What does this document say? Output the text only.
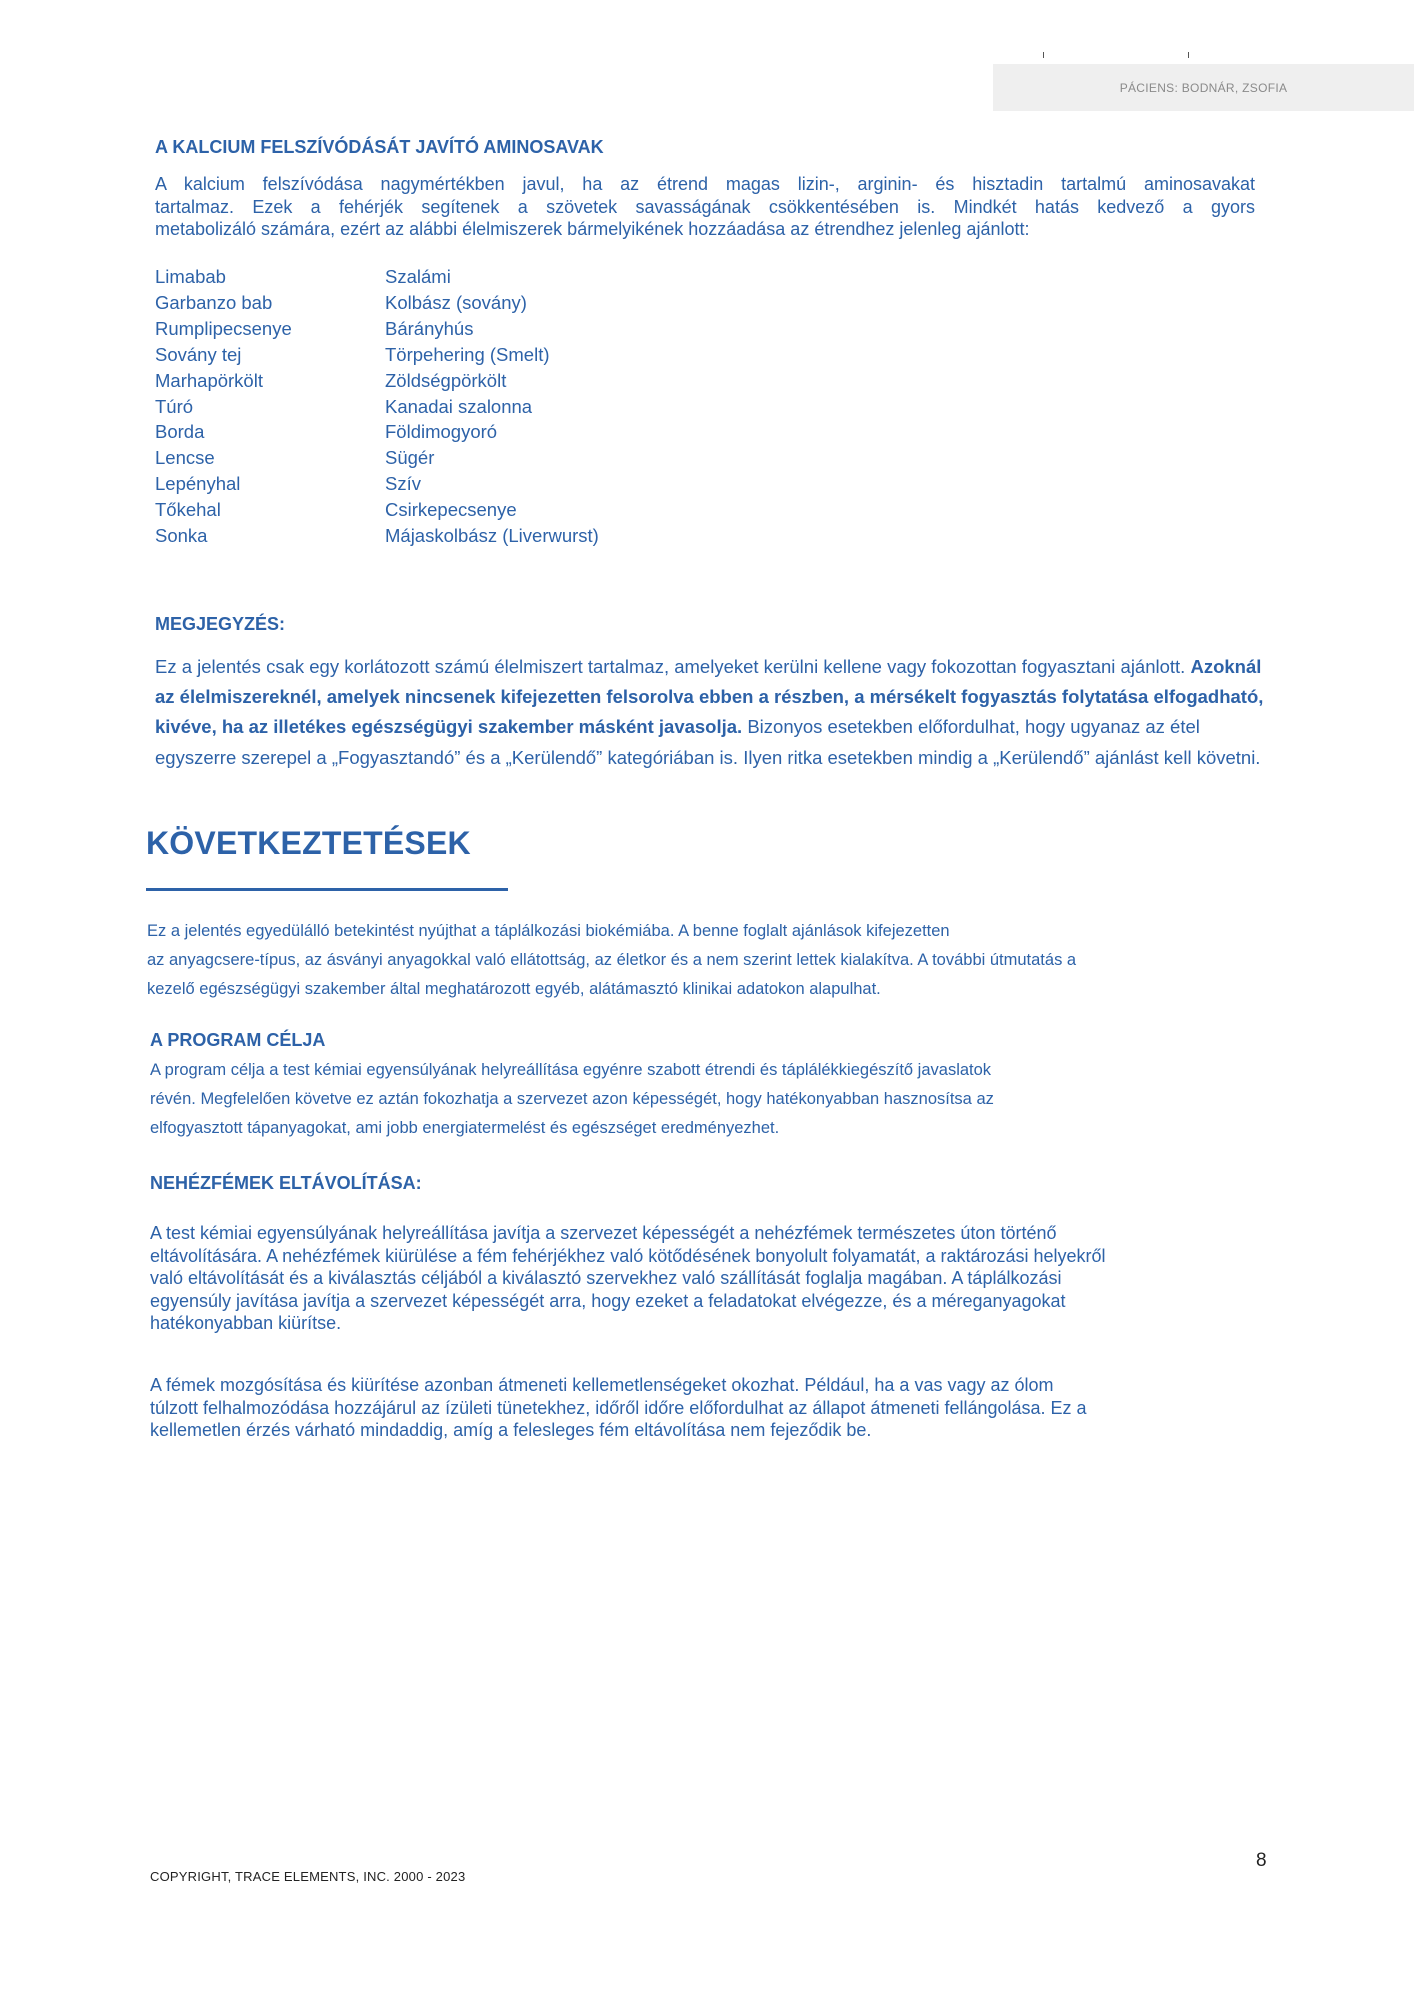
PÁCIENS: BODNÁR, ZSOFIA
A KALCIUM FELSZÍVÓDÁSÁT JAVÍTÓ AMINOSAVAK
A kalcium felszívódása nagymértékben javul, ha az étrend magas lizin-, arginin- és hisztadin tartalmú aminosavakat
tartalmaz. Ezek a fehérjék segítenek a szövetek savasságának csökkentésében is. Mindkét hatás kedvező a gyors
metabolizáló számára, ezért az alábbi élelmiszerek bármelyikének hozzáadása az étrendhez jelenleg ajánlott:
Limabab
Garbanzo bab
Rumplipecsenye
Sovány tej
Marhapörkölt
Túró
Borda
Lencse
Lepényhal
Tőkehal
Sonka
Szalámi
Kolbász (sovány)
Bárányhús
Törpehering (Smelt)
Zöldségpörkölt
Kanadai szalonna
Földimogyoró
Sügér
Szív
Csirkepecsenye
Májaskolbász (Liverwurst)
MEGJEGYZÉS:

Ez a jelentés csak egy korlátozott számú élelmiszert tartalmaz, amelyeket kerülni kellene vagy fokozottan fogyasztani ajánlott. Azoknál az élelmiszereknél, amelyek nincsenek kifejezetten felsorolva ebben a részben, a mérsékelt fogyasztás folytatása elfogadható, kivéve, ha az illetékes egészségügyi szakember másként javasolja. Bizonyos esetekben előfordulhat, hogy ugyanaz az étel egyszerre szerepel a „Fogyasztandó” és a „Kerülendő” kategóriában is. Ilyen ritka esetekben mindig a „Kerülendő” ajánlást kell követni.

KÖVETKEZTETÉSEK
Ez a jelentés egyedülálló betekintést nyújthat a táplálkozási biokémiába. A benne foglalt ajánlások kifejezetten
az anyagcsere-típus, az ásványi anyagokkal való ellátottság, az életkor és a nem szerint lettek kialakítva. A további útmutatás a
kezelő egészségügyi szakember által meghatározott egyéb, alátámasztó klinikai adatokon alapulhat.
A PROGRAM CÉLJA
A program célja a test kémiai egyensúlyának helyreállítása egyénre szabott étrendi és táplálékkiegészítő javaslatok
révén. Megfelelően követve ez aztán fokozhatja a szervezet azon képességét, hogy hatékonyabban hasznosítsa az
elfogyasztott tápanyagokat, ami jobb energiatermelést és egészséget eredményezhet.
NEHÉZFÉMEK ELTÁVOLÍTÁSA:
A test kémiai egyensúlyának helyreállítása javítja a szervezet képességét a nehézfémek természetes úton történő
eltávolítására. A nehézfémek kiürülése a fém fehérjékhez való kötődésének bonyolult folyamatát, a raktározási helyekről
való eltávolítását és a kiválasztás céljából a kiválasztó szervekhez való szállítását foglalja magában. A táplálkozási
egyensúly javítása javítja a szervezet képességét arra, hogy ezeket a feladatokat elvégezze, és a méreganyagokat
hatékonyabban kiürítse.
A fémek mozgósítása és kiürítése azonban átmeneti kellemetlenségeket okozhat. Például, ha a vas vagy az ólom
túlzott felhalmozódása hozzájárul az ízületi tünetekhez, időről időre előfordulhat az állapot átmeneti fellángolása. Ez a
kellemetlen érzés várható mindaddig, amíg a felesleges fém eltávolítása nem fejeződik be.
COPYRIGHT, TRACE ELEMENTS, INC. 2000 - 2023
8
